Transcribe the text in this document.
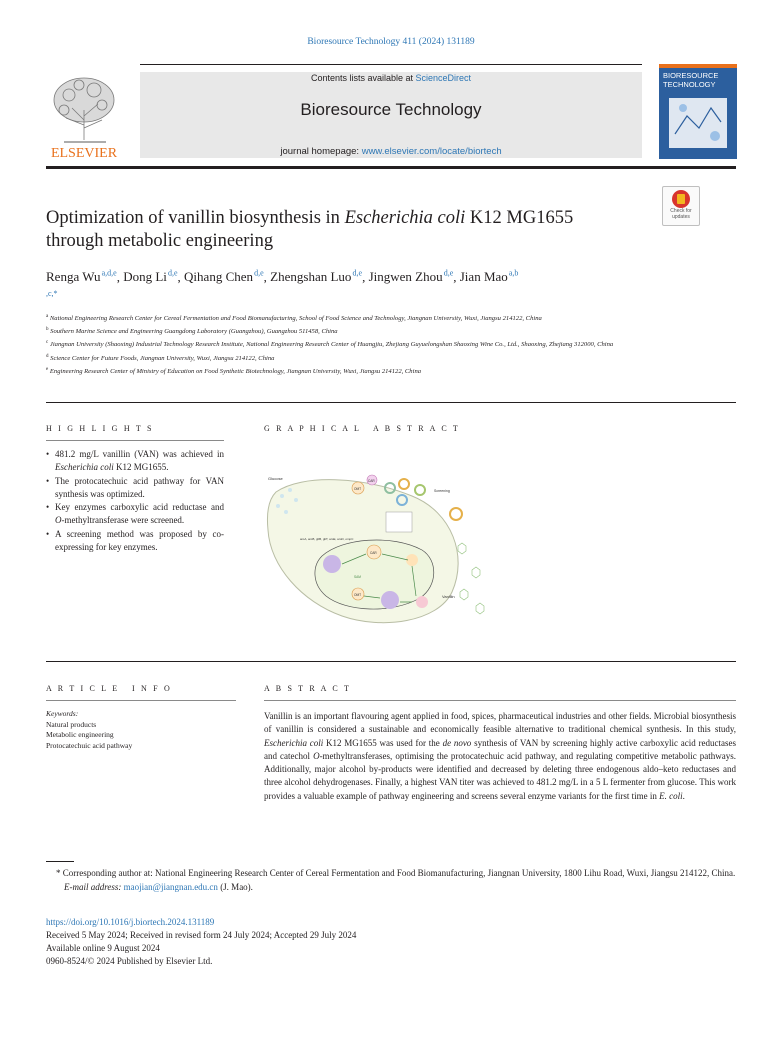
Bioresource Technology 411 (2024) 131189
ELSEVIER
Contents lists available at ScienceDirect
Bioresource Technology
journal homepage: www.elsevier.com/locate/biortech
BIORESOURCE
TECHNOLOGY
Check for
updates
Optimization of vanillin biosynthesis in Escherichia coli K12 MG1655
through metabolic engineering
Renga Wu $^{a,d,e}$, Dong Li $^{d,e}$, Qihang Chen $^{d,e}$, Zhengshan Luo $^{d,e}$, Jingwen Zhou $^{d,e}$, Jian Mao $^{a,b}$
$^{,c,*}$

$^a$ National Engineering Research Center for Cereal Fermentation and Food Biomanufacturing, School of Food Science and Technology, Jiangnan University, Wuxi, Jiangsu 214122, China

$^b$ Southern Marine Science and Engineering Guangdong Laboratory (Guangzhou), Guangzhou 511458, China

$^c$ Jiangnan University (Shaoxing) Industrial Technology Research Institute, National Engineering Research Center of Huangjiu, Zhejiang Guyuelongshan Shaoxing Wine Co., Ltd., Shaoxing, Zhejiang 312000, China

$^d$ Science Center for Future Foods, Jiangnan University, Wuxi, Jiangsu 214122, China

$^e$ Engineering Research Center of Ministry of Education on Food Synthetic Biotechnology, Jiangnan University, Wuxi, Jiangsu 214122, China

H I G H L I G H T S	G R A P H I C A L   A B S T R A C T
• 481.2 mg/L vanillin (VAN) was achieved in Escherichia coli K12 MG1655.
• The protocatechuic acid pathway for VAN synthesis was optimized.
• Key enzymes carboxylic acid reductase and O-methyltransferase were screened.
• A screening method was proposed by co-expressing for key enzymes.
Glucose
Vanillin
Screening
OMT
CAR
CAR
OMT
SAM
aroA, aroB, gltB, gltT, aroE, aroD, ompC
A R T I C L E   I N F O	A B S T R A C T
Keywords:
Natural products
Metabolic engineering
Protocatechuic acid pathway
Vanillin is an important flavouring agent applied in food, spices, pharmaceutical industries and other fields. Microbial biosynthesis of vanillin is considered a sustainable and economically feasible alternative to traditional chemical synthesis. In this study, Escherichia coli K12 MG1655 was used for the de novo synthesis of VAN by screening highly active carboxylic acid reductases and catechol O-methyltransferases, optimising the protocatechuic acid pathway, and regulating competitive metabolic pathways. Additionally, major alcohol by-products were identified and decreased by deleting three endogenous aldo–keto reductases and three alcohol dehydrogenases. Finally, a highest VAN titer was achieved to 481.2 mg/L in a 5 L fermenter from glucose. This work provides a valuable example of pathway engineering and screens several enzyme variants for the first time in E. coli.
* Corresponding author at: National Engineering Research Center of Cereal Fermentation and Food Biomanufacturing, Jiangnan University, 1800 Lihu Road, Wuxi, Jiangsu 214122, China.
E-mail address: maojian@jiangnan.edu.cn (J. Mao).
https://doi.org/10.1016/j.biortech.2024.131189
Received 5 May 2024; Received in revised form 24 July 2024; Accepted 29 July 2024
Available online 9 August 2024
0960-8524/© 2024 Published by Elsevier Ltd.
